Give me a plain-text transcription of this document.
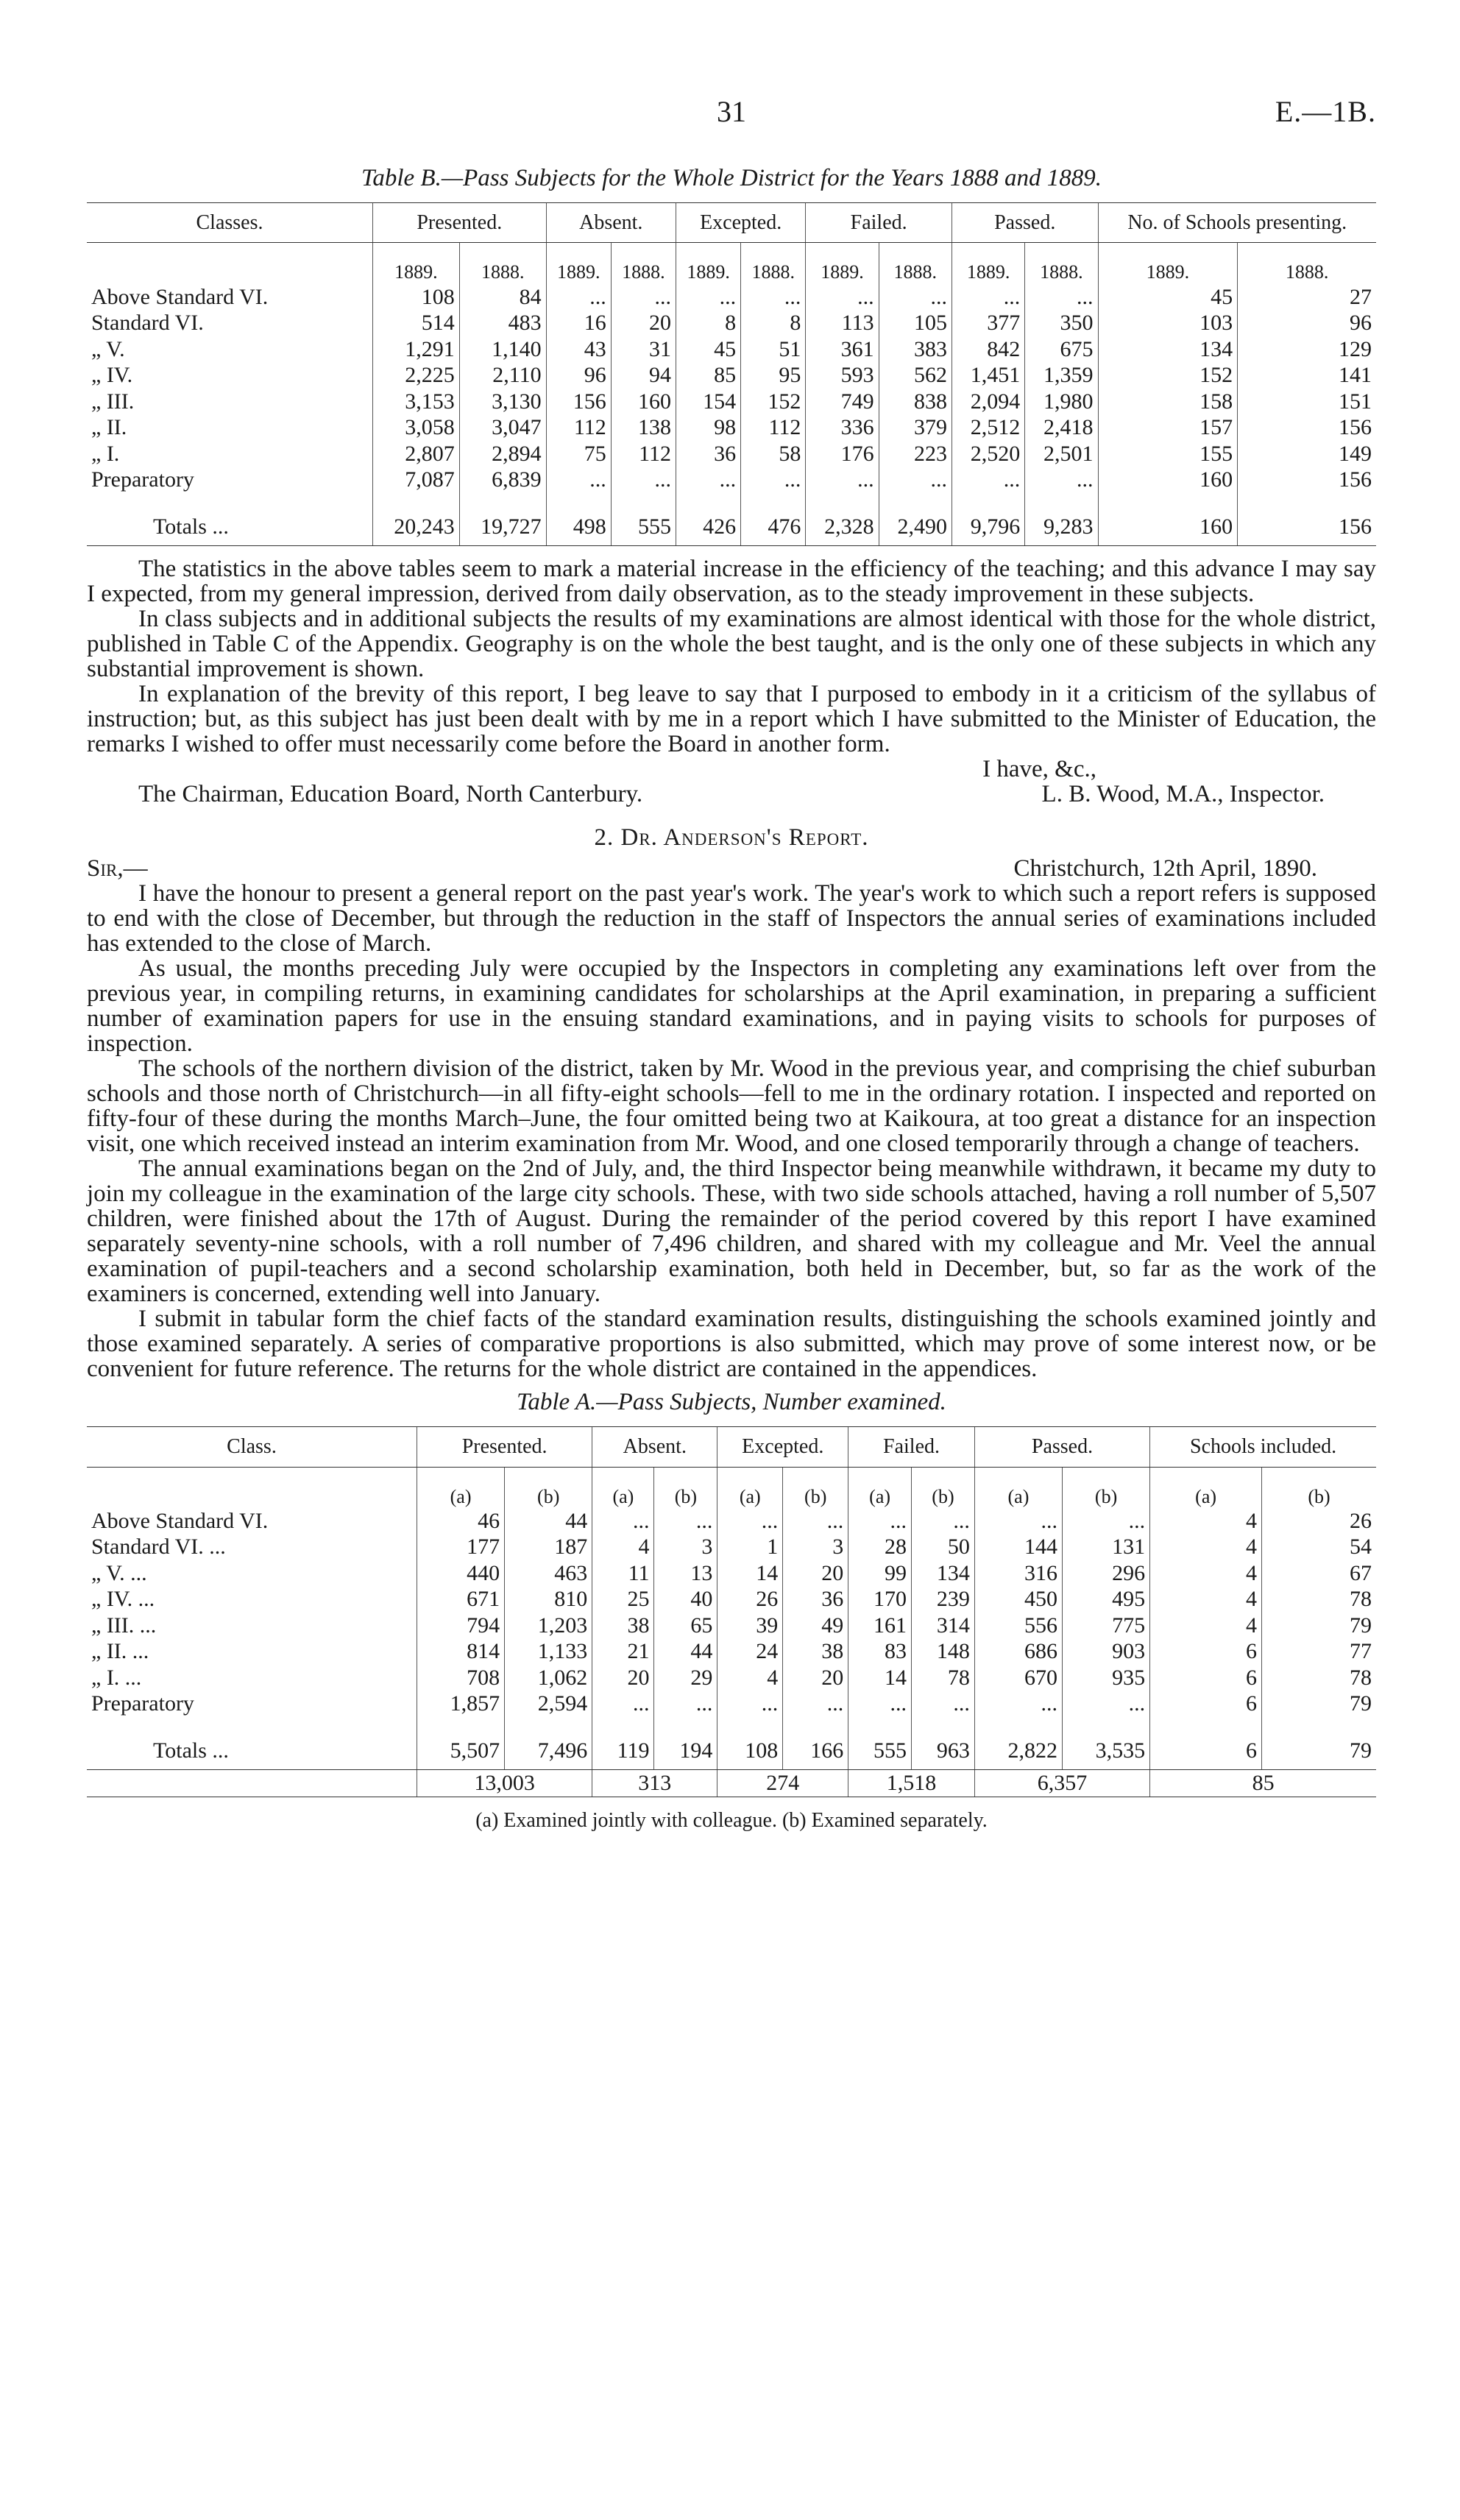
31	E.—1B.
Table B.—Pass Subjects for the Whole District for the Years 1888 and 1889.
Classes.	Presented.		Absent.		Excepted.		Failed.		Passed.		No. of Schools presenting.	
	1889.	1888.	1889.	1888.	1889.	1888.	1889.	1888.	1889.	1888.	1889.	1888.
Above Standard VI.	108	84	...	...	...	...	...	...	...	...	45	27
Standard VI.	514	483	16	20	8	8	113	105	377	350	103	96
„ V.	1,291	1,140	43	31	45	51	361	383	842	675	134	129
„ IV.	2,225	2,110	96	94	85	95	593	562	1,451	1,359	152	141
„ III.	3,153	3,130	156	160	154	152	749	838	2,094	1,980	158	151
„ II.	3,058	3,047	112	138	98	112	336	379	2,512	2,418	157	156
„ I.	2,807	2,894	75	112	36	58	176	223	2,520	2,501	155	149
Preparatory	7,087	6,839	...	...	...	...	...	...	...	...	160	156
Totals ...	20,243	19,727	498	555	426	476	2,328	2,490	9,796	9,283	160	156

The statistics in the above tables seem to mark a material increase in the efficiency of the teaching; and this advance I may say I expected, from my general impression, derived from daily observation, as to the steady improvement in these subjects.

In class subjects and in additional subjects the results of my examinations are almost identical with those for the whole district, published in Table C of the Appendix. Geography is on the whole the best taught, and is the only one of these subjects in which any substantial improvement is shown.

In explanation of the brevity of this report, I beg leave to say that I purposed to embody in it a criticism of the syllabus of instruction; but, as this subject has just been dealt with by me in a report which I have submitted to the Minister of Education, the remarks I wished to offer must necessarily come before the Board in another form.

I have, &c.,
The Chairman, Education Board, North Canterbury.	L. B. Wood, M.A., Inspector.
2. Dr. Anderson's Report.
Sir,—	Christchurch, 12th April, 1890.

I have the honour to present a general report on the past year's work. The year's work to which such a report refers is supposed to end with the close of December, but through the reduction in the staff of Inspectors the annual series of examinations included has extended to the close of March.

As usual, the months preceding July were occupied by the Inspectors in completing any examinations left over from the previous year, in compiling returns, in examining candidates for scholarships at the April examination, in preparing a sufficient number of examination papers for use in the ensuing standard examinations, and in paying visits to schools for purposes of inspection.

The schools of the northern division of the district, taken by Mr. Wood in the previous year, and comprising the chief suburban schools and those north of Christchurch—in all fifty-eight schools—fell to me in the ordinary rotation. I inspected and reported on fifty-four of these during the months March–June, the four omitted being two at Kaikoura, at too great a distance for an inspection visit, one which received instead an interim examination from Mr. Wood, and one closed temporarily through a change of teachers.

The annual examinations began on the 2nd of July, and, the third Inspector being meanwhile withdrawn, it became my duty to join my colleague in the examination of the large city schools. These, with two side schools attached, having a roll number of 5,507 children, were finished about the 17th of August. During the remainder of the period covered by this report I have examined separately seventy-nine schools, with a roll number of 7,496 children, and shared with my colleague and Mr. Veel the annual examination of pupil-teachers and a second scholarship examination, both held in December, but, so far as the work of the examiners is concerned, extending well into January.

I submit in tabular form the chief facts of the standard examination results, distinguishing the schools examined jointly and those examined separately. A series of comparative proportions is also submitted, which may prove of some interest now, or be convenient for future reference. The returns for the whole district are contained in the appendices.

Table A.—Pass Subjects, Number examined.
Class.	Presented.		Absent.		Excepted.		Failed.		Passed.		Schools included.	
	(a)	(b)	(a)	(b)	(a)	(b)	(a)	(b)	(a)	(b)	(a)	(b)
Above Standard VI.	46	44	...	...	...	...	...	...	...	...	4	26
Standard VI. ...	177	187	4	3	1	3	28	50	144	131	4	54
„ V. ...	440	463	11	13	14	20	99	134	316	296	4	67
„ IV. ...	671	810	25	40	26	36	170	239	450	495	4	78
„ III. ...	794	1,203	38	65	39	49	161	314	556	775	4	79
„ II. ...	814	1,133	21	44	24	38	83	148	686	903	6	77
„ I. ...	708	1,062	20	29	4	20	14	78	670	935	6	78
Preparatory	1,857	2,594	...	...	...	...	...	...	...	...	6	79
Totals ...	5,507	7,496	119	194	108	166	555	963	2,822	3,535	6	79
	13,003		313		274		1,518		6,357		85	
(a) Examined jointly with colleague. (b) Examined separately.
